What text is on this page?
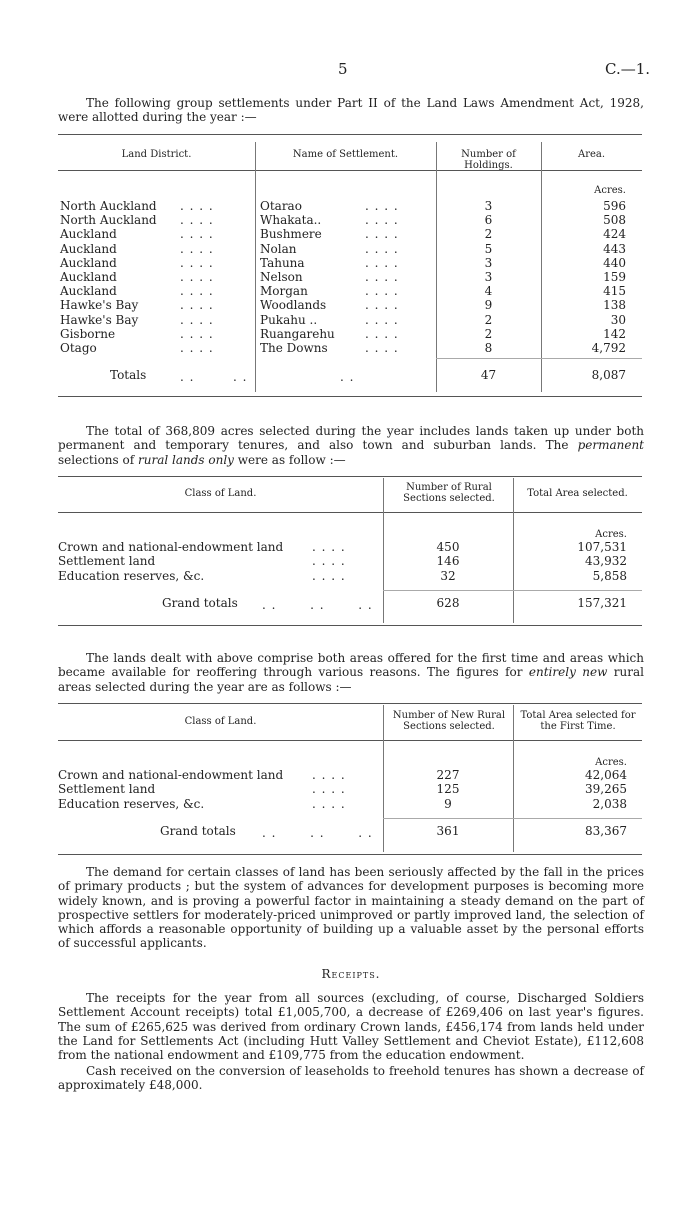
5	C.—1.
The following group settlements under Part II of the Land Laws Amendment Act, 1928, were allotted during the year :—
Land District.	Name of Settlement.	Number of Holdings.
Area.
Acres.
North Auckland . . . .	Otarao	. . . .	3	596
North Auckland . . . .	Whakata..	. . . .	6	508
Auckland	. . . .	Bushmere	. . . .	2	424
Auckland	. . . .	Nolan	. . . .	5	443
Auckland	. . . .	Tahuna	. . . .	3	440
Auckland	. . . .	Nelson	. . . .	3	159
Auckland	. . . .	Morgan	. . . .	4	415
Hawke's Bay	. . . .	Woodlands	. . . .	9	138
Hawke's Bay	. . . .	Pukahu ..	. . . .	2	30
Gisborne	. . . .	Ruangarehu	. . . .	2	142
Otago	. . . .	The Downs	. . . .	8	4,792
Totals	. .        . .	. .	47	8,087
The total of 368,809 acres selected during the year includes lands taken up under both permanent and temporary tenures, and also town and suburban lands. The permanent selections of rural lands only were as follow :—
Class of Land.
Number of Rural Sections selected.	Total Area selected.
Acres.
Crown and national-endowment land . . . .	450	107,531
Settlement land	. . . .	146	43,932
Education reserves, &c.	. . . .	32	5,858
Grand totals . .       . .       . .	628	157,321
The lands dealt with above comprise both areas offered for the first time and areas which became available for reoffering through various reasons. The figures for entirely new rural areas selected during the year are as follows :—
Class of Land.
Number of New Rural Sections selected.
Total Area selected for the First Time.
Acres.
Crown and national-endowment land . . . .	227	42,064
Settlement land	. . . .	125	39,265
Education reserves, &c.	. . . .	9	2,038
Grand totals . .       . .       . .	361	83,367
The demand for certain classes of land has been seriously affected by the fall in the prices of primary products ; but the system of advances for development purposes is becoming more widely known, and is proving a powerful factor in maintaining a steady demand on the part of prospective settlers for moderately-priced unimproved or partly improved land, the selection of which affords a reasonable opportunity of building up a valuable asset by the personal efforts of successful applicants.
Receipts.
The receipts for the year from all sources (excluding, of course, Discharged Soldiers Settlement Account receipts) total £1,005,700, a decrease of £269,406 on last year's figures. The sum of £265,625 was derived from ordinary Crown lands, £456,174 from lands held under the Land for Settlements Act (including Hutt Valley Settlement and Cheviot Estate), £112,608 from the national endowment and £109,775 from the education endowment.
Cash received on the conversion of leaseholds to freehold tenures has shown a decrease of approximately £48,000.
